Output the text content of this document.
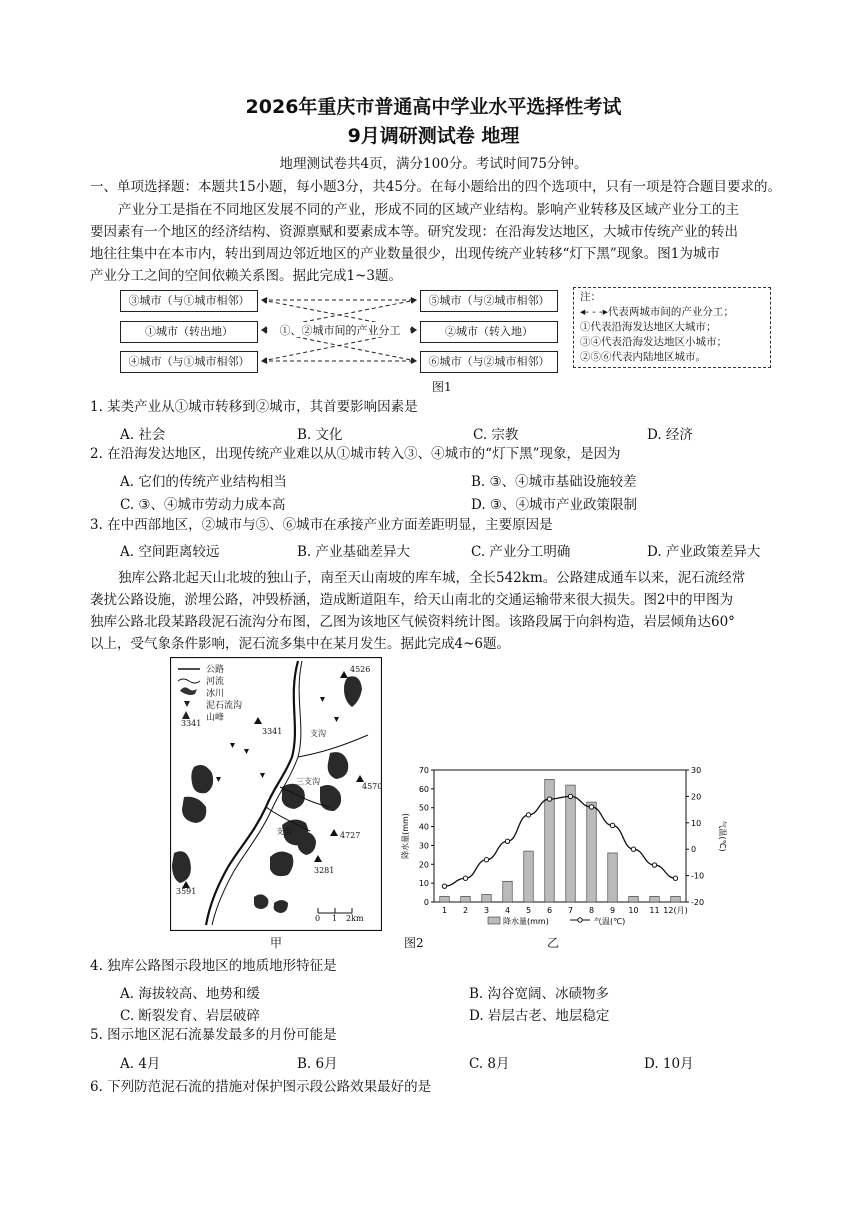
2026年重庆市普通高中学业水平选择性考试
9月调研测试卷 地理
地理测试卷共4页，满分100分。考试时间75分钟。
一、单项选择题：本题共15小题，每小题3分，共45分。在每小题给出的四个选项中，只有一项是符合题目要求的。
产业分工是指在不同地区发展不同的产业，形成不同的区域产业结构。影响产业转移及区域产业分工的主
要因素有一个地区的经济结构、资源禀赋和要素成本等。研究发现：在沿海发达地区，大城市传统产业的转出
地往往集中在本市内，转出到周边邻近地区的产业数量很少，出现传统产业转移“灯下黑”现象。图1为城市
产业分工之间的空间依赖关系图。据此完成1~3题。
③城市（与①城市相邻）
①城市（转出地）
④城市（与①城市相邻）
⑤城市（与②城市相邻）
②城市（转入地）
⑥城市（与②城市相邻）
①、②城市间的产业分工
注：
◂- - -▸代表两城市间的产业分工；
①代表沿海发达地区大城市；
③④代表沿海发达地区小城市；
②⑤⑥代表内陆地区城市。
图1
1. 某类产业从①城市转移到②城市，其首要影响因素是
A. 社会	B. 文化	C. 宗教	D. 经济
2. 在沿海发达地区，出现传统产业难以从①城市转入③、④城市的“灯下黑”现象，是因为
A. 它们的传统产业结构相当	B. ③、④城市基础设施较差
C. ③、④城市劳动力成本高	D. ③、④城市产业政策限制
3. 在中西部地区，②城市与⑤、⑥城市在承接产业方面差距明显，主要原因是
A. 空间距离较远	B. 产业基础差异大	C. 产业分工明确	D. 产业政策差异大
独库公路北起天山北坡的独山子，南至天山南坡的库车城，全长542km。公路建成通车以来，泥石流经常
袭扰公路设施，淤埋公路，冲毁桥涵，造成断道阻车，给天山南北的交通运输带来很大损失。图2中的甲图为
独库公路北段某路段泥石流沟分布图，乙图为该地区气候资料统计图。该路段属于向斜构造，岩层倾角达60°
以上，受气象条件影响，泥石流多集中在某月发生。据此完成4~6题。
公路
河流
冰川
泥石流沟
山峰
3341
4526
3341
4570
4727
3281
3591
支沟
三支沟
支沟
0 1 2km
甲
0
10
20
30
40
50
60
70
-20
-10
0
10
20
30
1 2 3 4 5 6 7 8 9 10 11 12(月)
降水量(mm)	气温(℃)
降水量(mm)	气温(℃)
图2	乙
4. 独库公路图示段地区的地质地形特征是
A. 海拔较高、地势和缓	B. 沟谷宽阔、冰碛物多
C. 断裂发育、岩层破碎	D. 岩层古老、地层稳定
5. 图示地区泥石流暴发最多的月份可能是
A. 4月	B. 6月	C. 8月	D. 10月
6. 下列防范泥石流的措施对保护图示段公路效果最好的是
